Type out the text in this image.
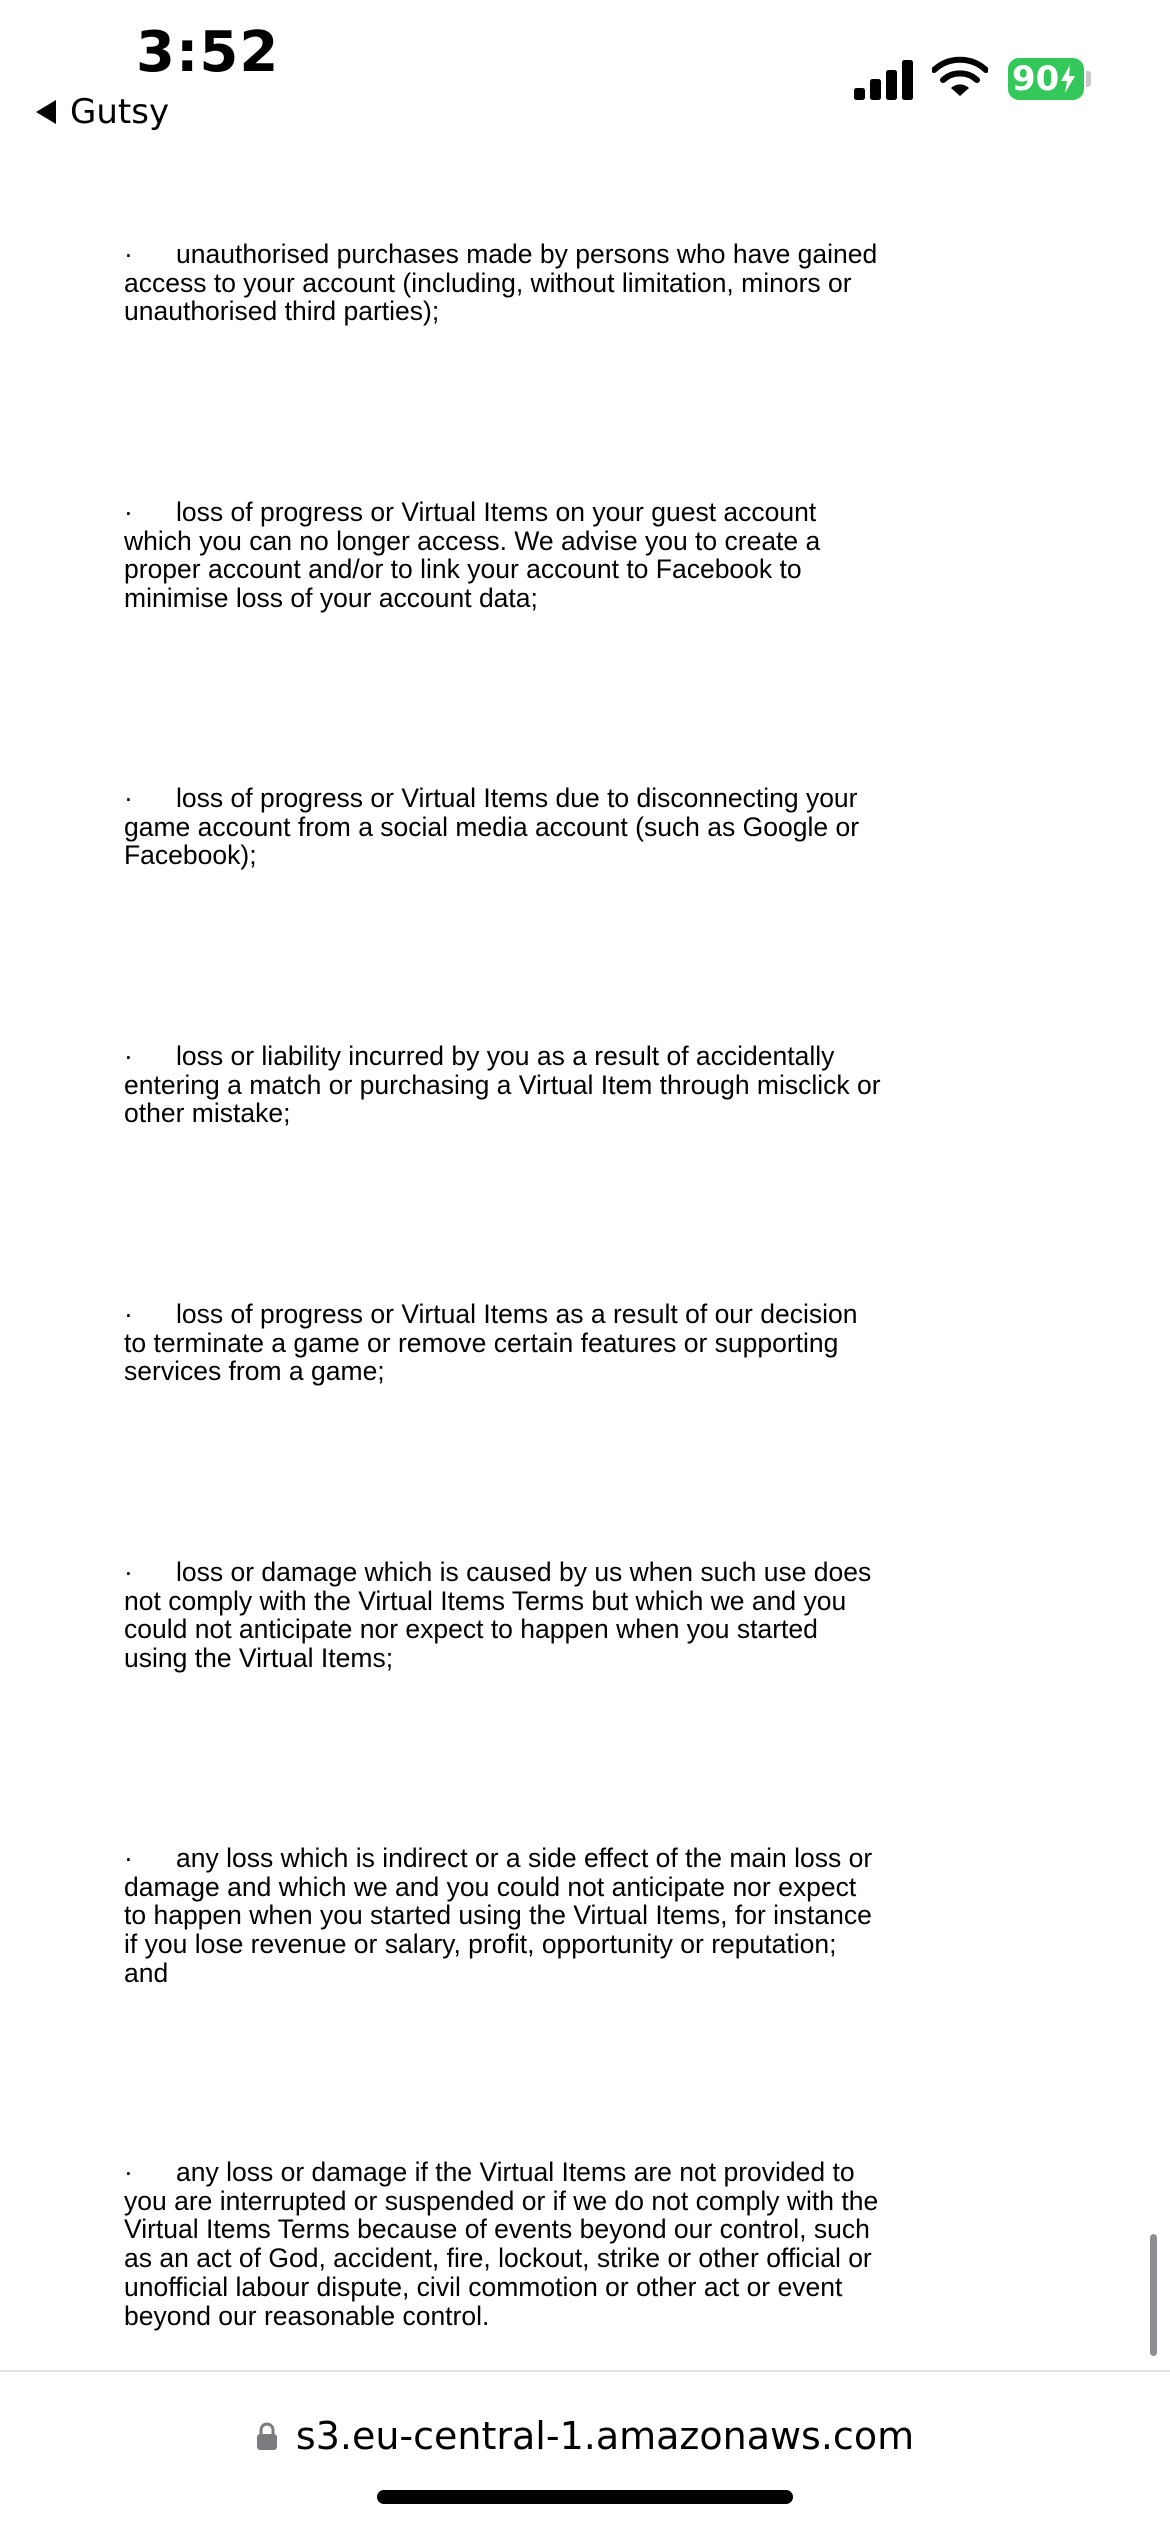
3:52
Gutsy
90

· unauthorised purchases made by persons who have gained access to your account (including, without limitation, minors or unauthorised third parties);

· loss of progress or Virtual Items on your guest account which you can no longer access. We advise you to create a proper account and/or to link your account to Facebook to minimise loss of your account data;

· loss of progress or Virtual Items due to disconnecting your game account from a social media account (such as Google or Facebook);

· loss or liability incurred by you as a result of accidentally entering a match or purchasing a Virtual Item through misclick or other mistake;

· loss of progress or Virtual Items as a result of our decision to terminate a game or remove certain features or supporting services from a game;

· loss or damage which is caused by us when such use does not comply with the Virtual Items Terms but which we and you could not anticipate nor expect to happen when you started using the Virtual Items;

· any loss which is indirect or a side effect of the main loss or damage and which we and you could not anticipate nor expect to happen when you started using the Virtual Items, for instance if you lose revenue or salary, profit, opportunity or reputation; and

· any loss or damage if the Virtual Items are not provided to you are interrupted or suspended or if we do not comply with the Virtual Items Terms because of events beyond our control, such as an act of God, accident, fire, lockout, strike or other official or unofficial labour dispute, civil commotion or other act or event beyond our reasonable control.

s3.eu-central-1.amazonaws.com
